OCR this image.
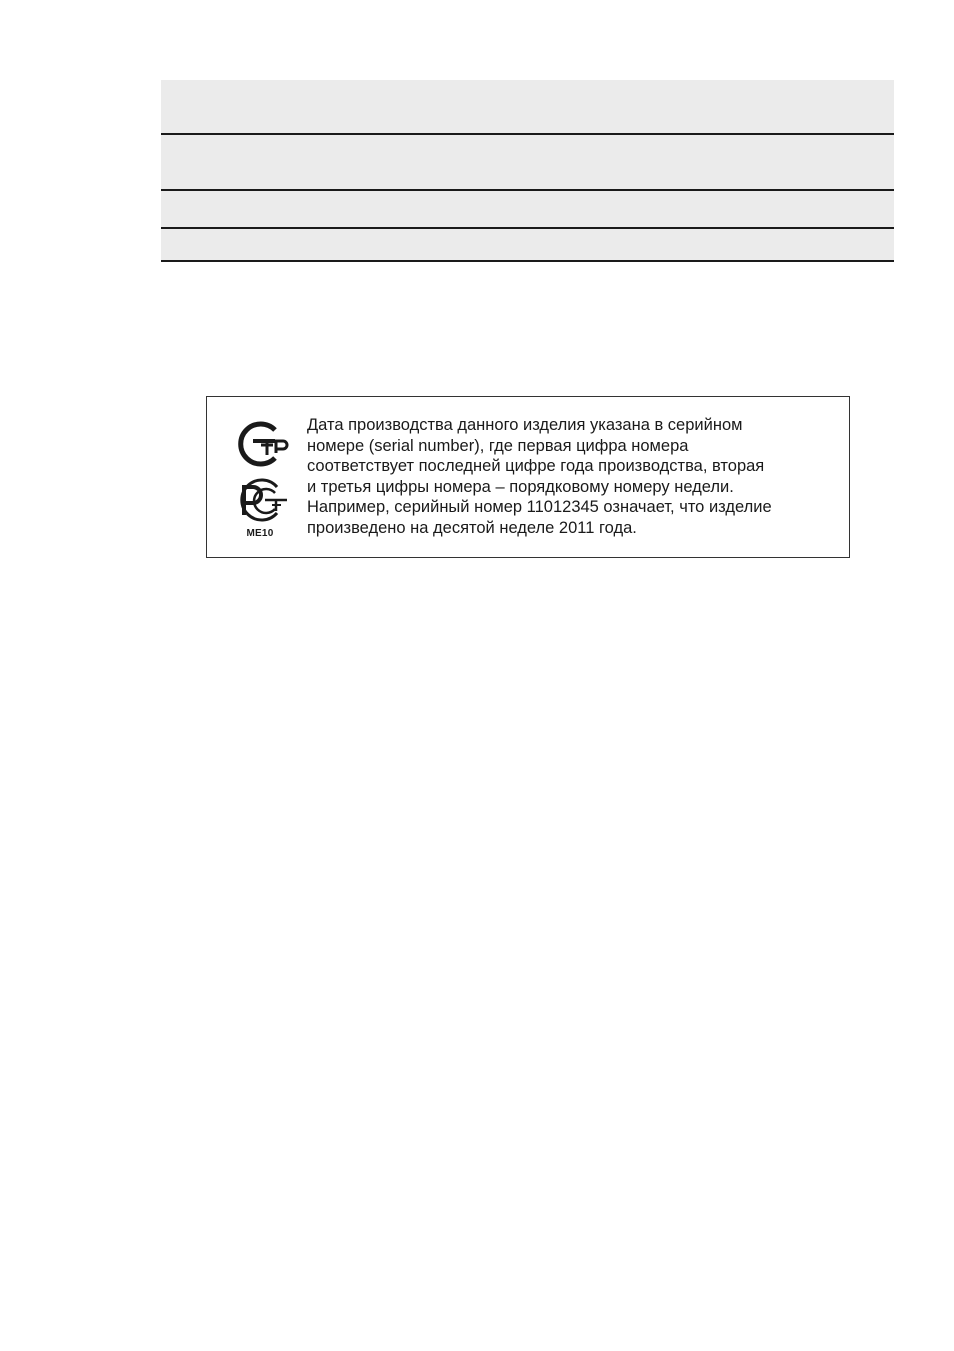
ME10

Дата производства данного изделия указана в серийном
номере (serial number), где первая цифра номера
соответствует последней цифре года производства, вторая
и третья цифры номера – порядковому номеру недели.
Например, серийный номер 11012345 означает, что изделие
произведено на десятой неделе 2011 года.
